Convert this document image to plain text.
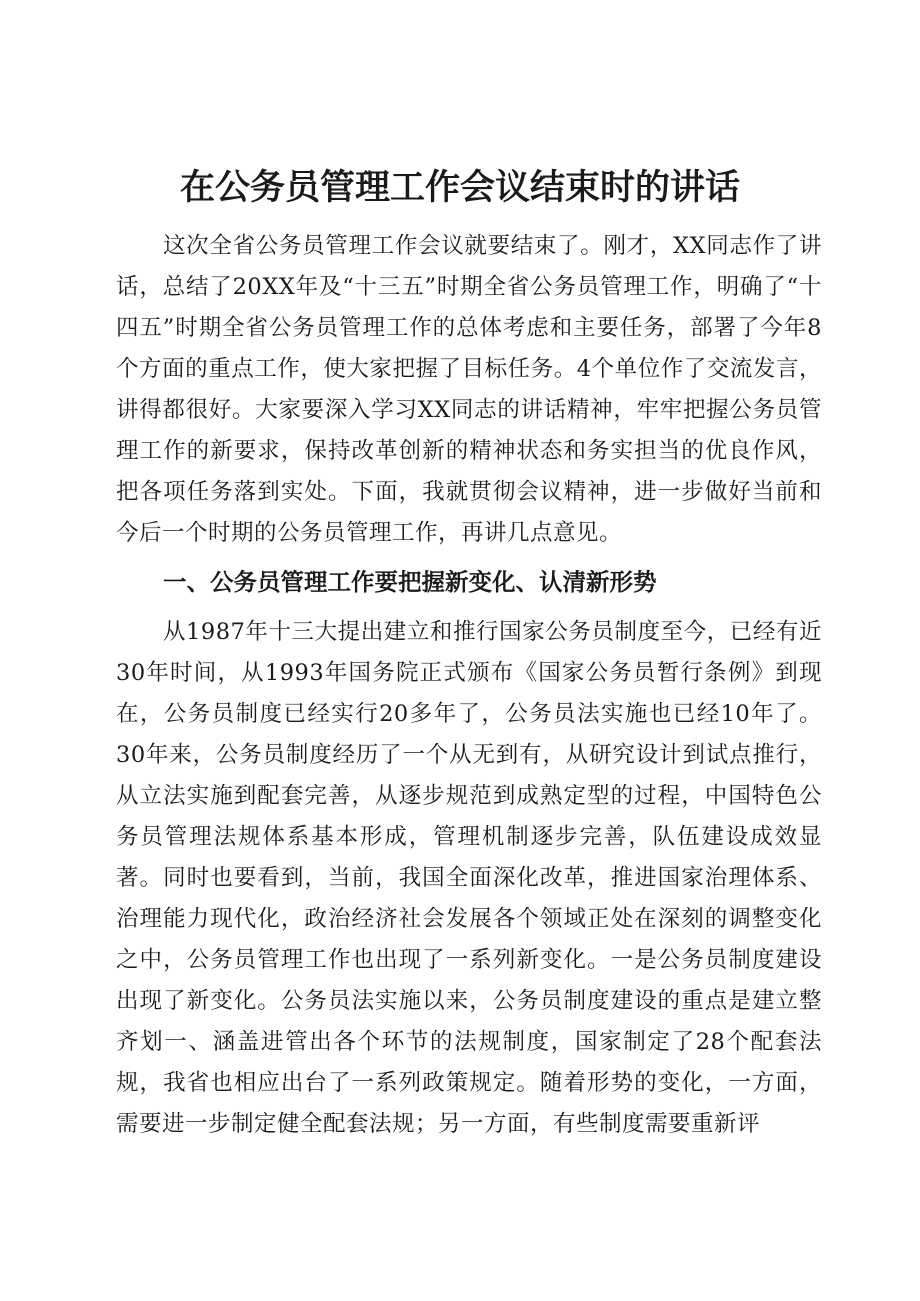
在公务员管理工作会议结束时的讲话

这次全省公务员管理工作会议就要结束了。刚才，XX同志作了讲话，总结了20XX年及“十三五”时期全省公务员管理工作，明确了“十四五”时期全省公务员管理工作的总体考虑和主要任务，部署了今年8个方面的重点工作，使大家把握了目标任务。4个单位作了交流发言，讲得都很好。大家要深入学习XX同志的讲话精神，牢牢把握公务员管理工作的新要求，保持改革创新的精神状态和务实担当的优良作风，把各项任务落到实处。下面，我就贯彻会议精神，进一步做好当前和今后一个时期的公务员管理工作，再讲几点意见。

一、公务员管理工作要把握新变化、认清新形势

从1987年十三大提出建立和推行国家公务员制度至今，已经有近30年时间，从1993年国务院正式颁布《国家公务员暂行条例》到现在，公务员制度已经实行20多年了，公务员法实施也已经10年了。30年来，公务员制度经历了一个从无到有，从研究设计到试点推行，从立法实施到配套完善，从逐步规范到成熟定型的过程，中国特色公务员管理法规体系基本形成，管理机制逐步完善，队伍建设成效显著。同时也要看到，当前，我国全面深化改革，推进国家治理体系、治理能力现代化，政治经济社会发展各个领域正处在深刻的调整变化之中，公务员管理工作也出现了一系列新变化。一是公务员制度建设出现了新变化。公务员法实施以来，公务员制度建设的重点是建立整齐划一、涵盖进管出各个环节的法规制度，国家制定了28个配套法规，我省也相应出台了一系列政策规定。随着形势的变化，一方面，需要进一步制定健全配套法规；另一方面，有些制度需要重新评
